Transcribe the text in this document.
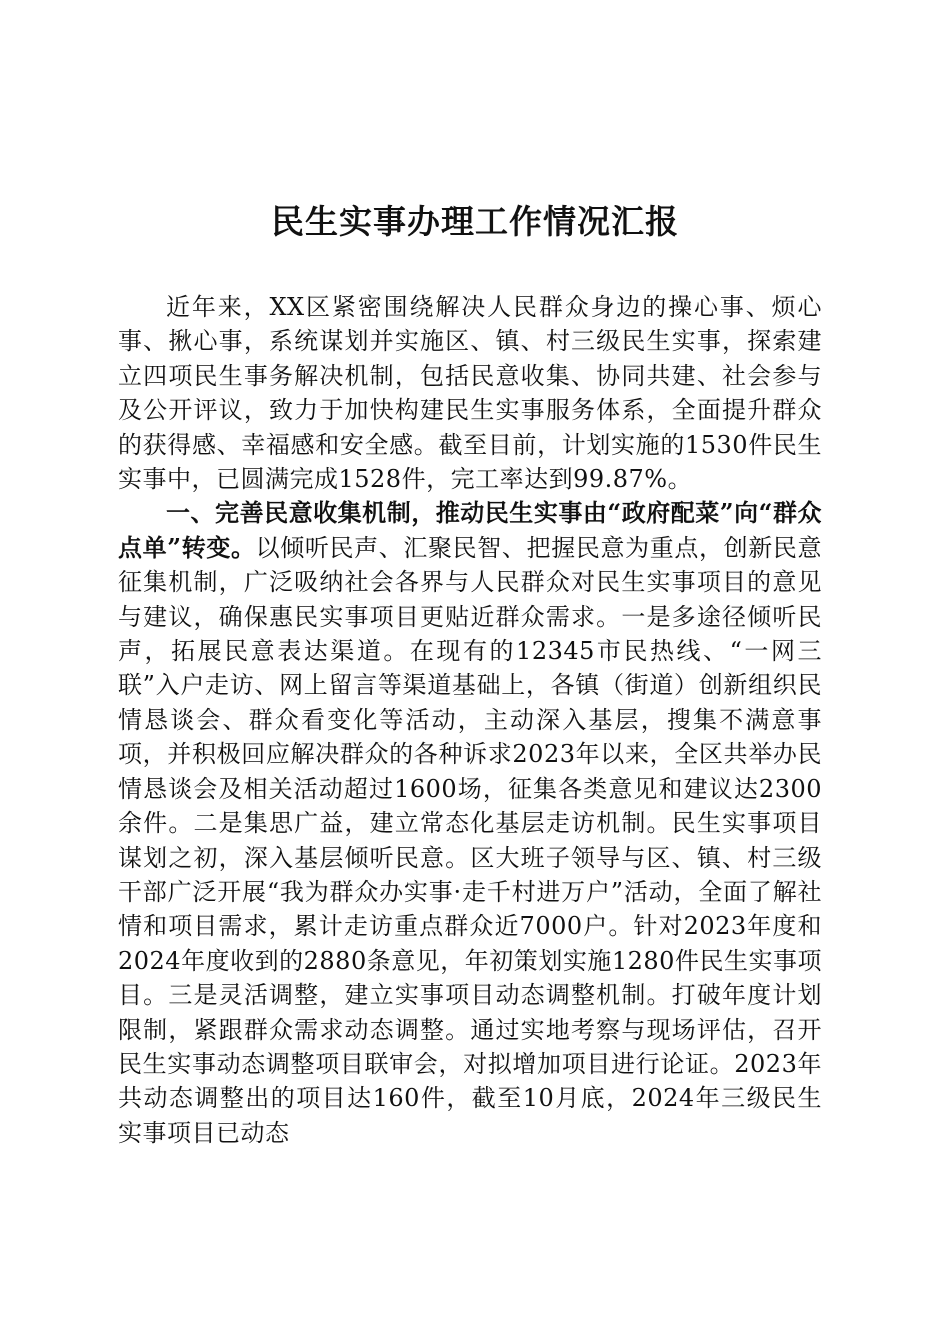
民生实事办理工作情况汇报

近年来，XX区紧密围绕解决人民群众身边的操心事、烦心事、揪心事，系统谋划并实施区、镇、村三级民生实事，探索建立四项民生事务解决机制，包括民意收集、协同共建、社会参与及公开评议，致力于加快构建民生实事服务体系，全面提升群众的获得感、幸福感和安全感。截至目前，计划实施的1530件民生实事中，已圆满完成1528件，完工率达到99.87%。

一、完善民意收集机制，推动民生实事由“政府配菜”向“群众点单”转变。以倾听民声、汇聚民智、把握民意为重点，创新民意征集机制，广泛吸纳社会各界与人民群众对民生实事项目的意见与建议，确保惠民实事项目更贴近群众需求。一是多途径倾听民声，拓展民意表达渠道。在现有的12345市民热线、“一网三联”入户走访、网上留言等渠道基础上，各镇（街道）创新组织民情恳谈会、群众看变化等活动，主动深入基层，搜集不满意事项，并积极回应解决群众的各种诉求2023年以来，全区共举办民情恳谈会及相关活动超过1600场，征集各类意见和建议达2300余件。二是集思广益，建立常态化基层走访机制。民生实事项目谋划之初，深入基层倾听民意。区大班子领导与区、镇、村三级干部广泛开展“我为群众办实事·走千村进万户”活动，全面了解社情和项目需求，累计走访重点群众近7000户。针对2023年度和2024年度收到的2880条意见，年初策划实施1280件民生实事项目。三是灵活调整，建立实事项目动态调整机制。打破年度计划限制，紧跟群众需求动态调整。通过实地考察与现场评估，召开民生实事动态调整项目联审会，对拟增加项目进行论证。2023年共动态调整出的项目达160件，截至10月底，2024年三级民生实事项目已动态
